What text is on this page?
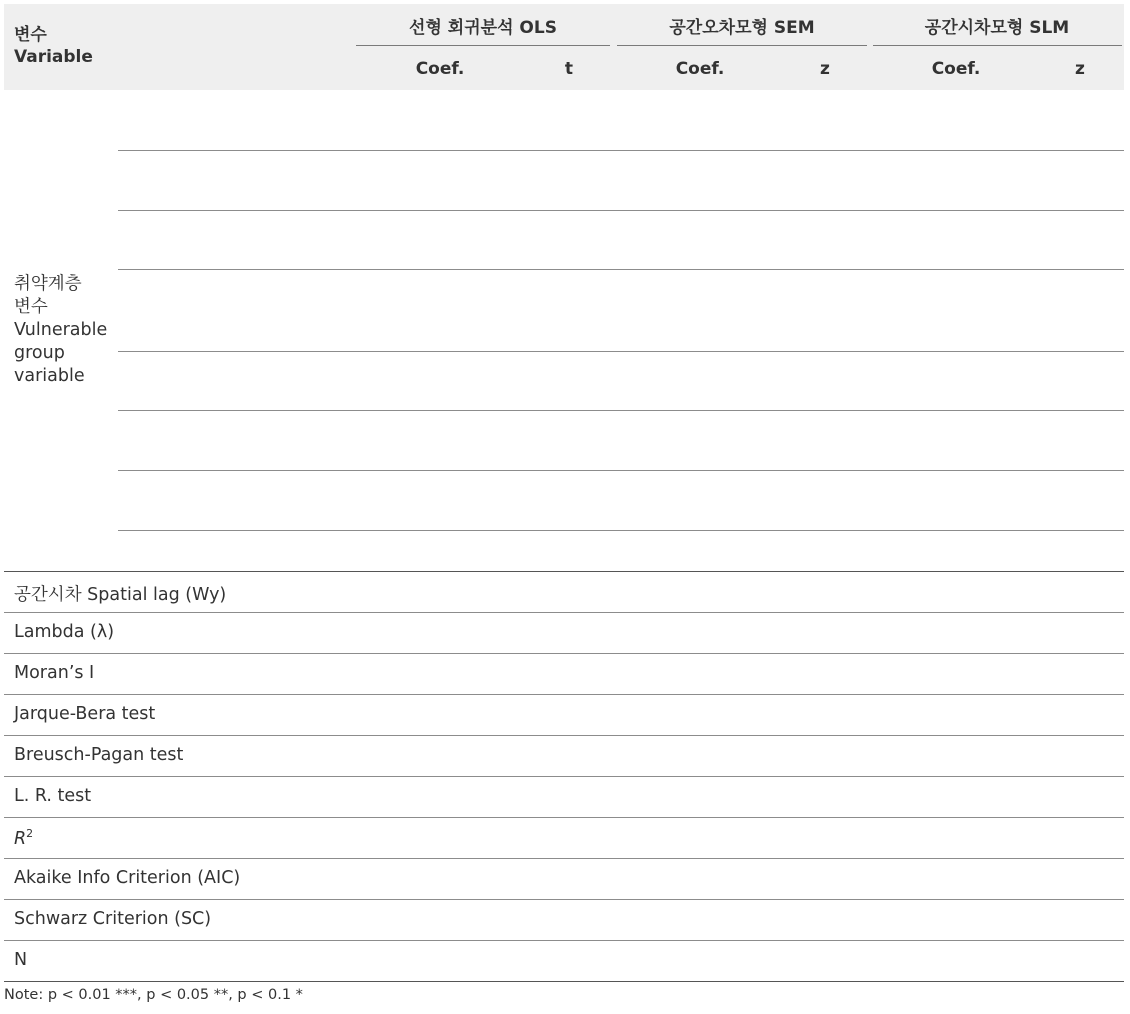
변수
Variable
선형 회귀분석 OLS	공간오차모형 SEM	공간시차모형 SLM
Coef.	t	Coef.	z	Coef.	z
취약계층
변수
Vulnerable
group
variable
공간시차 Spatial lag (Wy)
Lambda (λ)
Moran’s I
Jarque-Bera test
Breusch-Pagan test
L. R. test
$R^2$
Akaike Info Criterion (AIC)
Schwarz Criterion (SC)
N
Note: p < 0.01 ***, p < 0.05 **, p < 0.1 *
